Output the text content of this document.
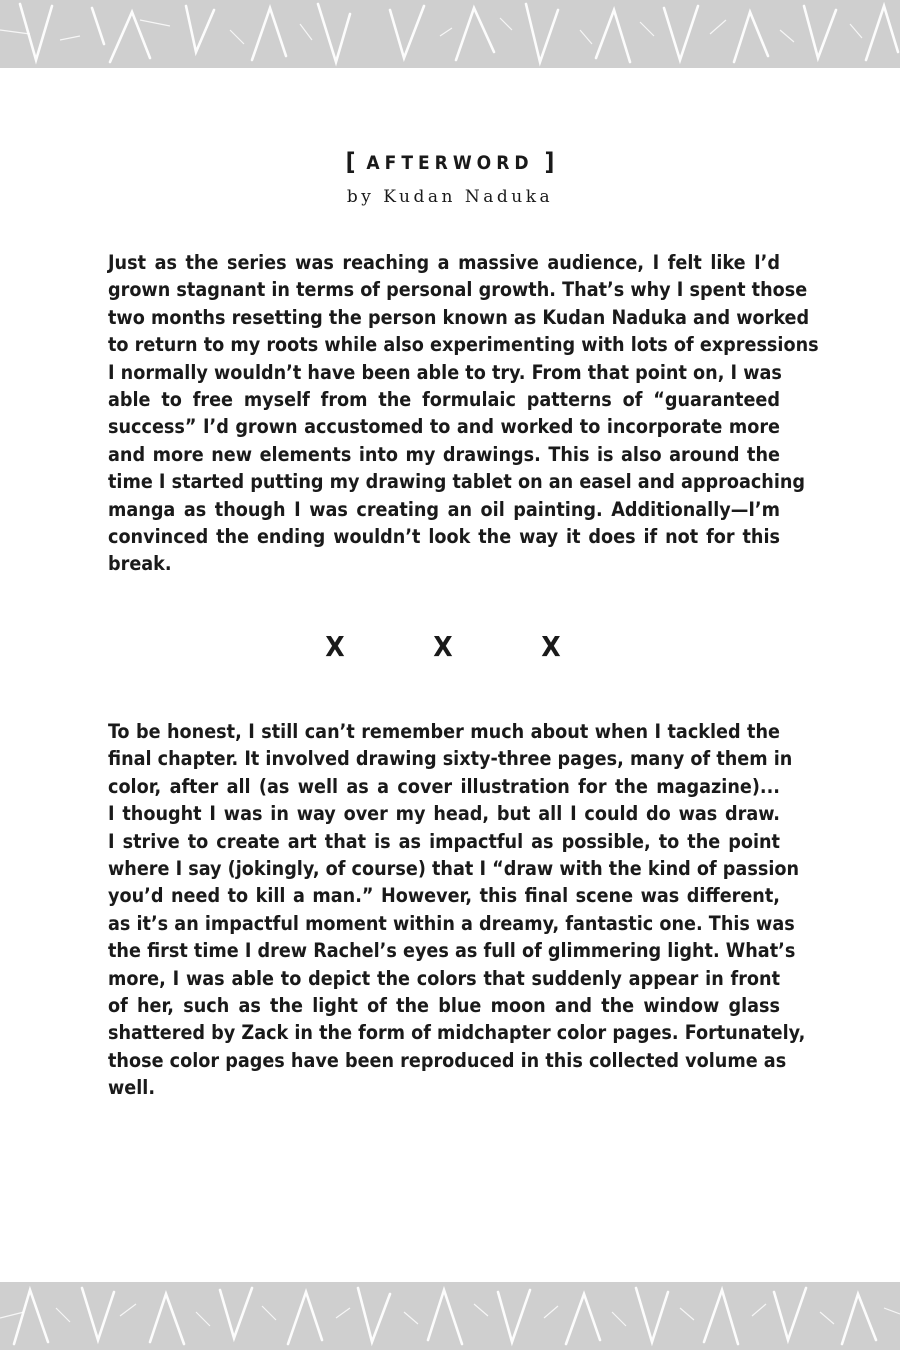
[ AFTERWORD ]
by Kudan Naduka
Just as the series was reaching a massive audience, I felt like I’d
grown stagnant in terms of personal growth. That’s why I spent those
two months resetting the person known as Kudan Naduka and worked
to return to my roots while also experimenting with lots of expressions
I normally wouldn’t have been able to try. From that point on, I was
able to free myself from the formulaic patterns of “guaranteed
success” I’d grown accustomed to and worked to incorporate more
and more new elements into my drawings. This is also around the
time I started putting my drawing tablet on an easel and approaching
manga as though I was creating an oil painting. Additionally—I’m
convinced the ending wouldn’t look the way it does if not for this
break.
X	X	X
To be honest, I still can’t remember much about when I tackled the
final chapter. It involved drawing sixty-three pages, many of them in
color, after all (as well as a cover illustration for the magazine)...
I thought I was in way over my head, but all I could do was draw.
I strive to create art that is as impactful as possible, to the point
where I say (jokingly, of course) that I “draw with the kind of passion
you’d need to kill a man.” However, this final scene was different,
as it’s an impactful moment within a dreamy, fantastic one. This was
the first time I drew Rachel’s eyes as full of glimmering light. What’s
more, I was able to depict the colors that suddenly appear in front
of her, such as the light of the blue moon and the window glass
shattered by Zack in the form of midchapter color pages. Fortunately,
those color pages have been reproduced in this collected volume as
well.
